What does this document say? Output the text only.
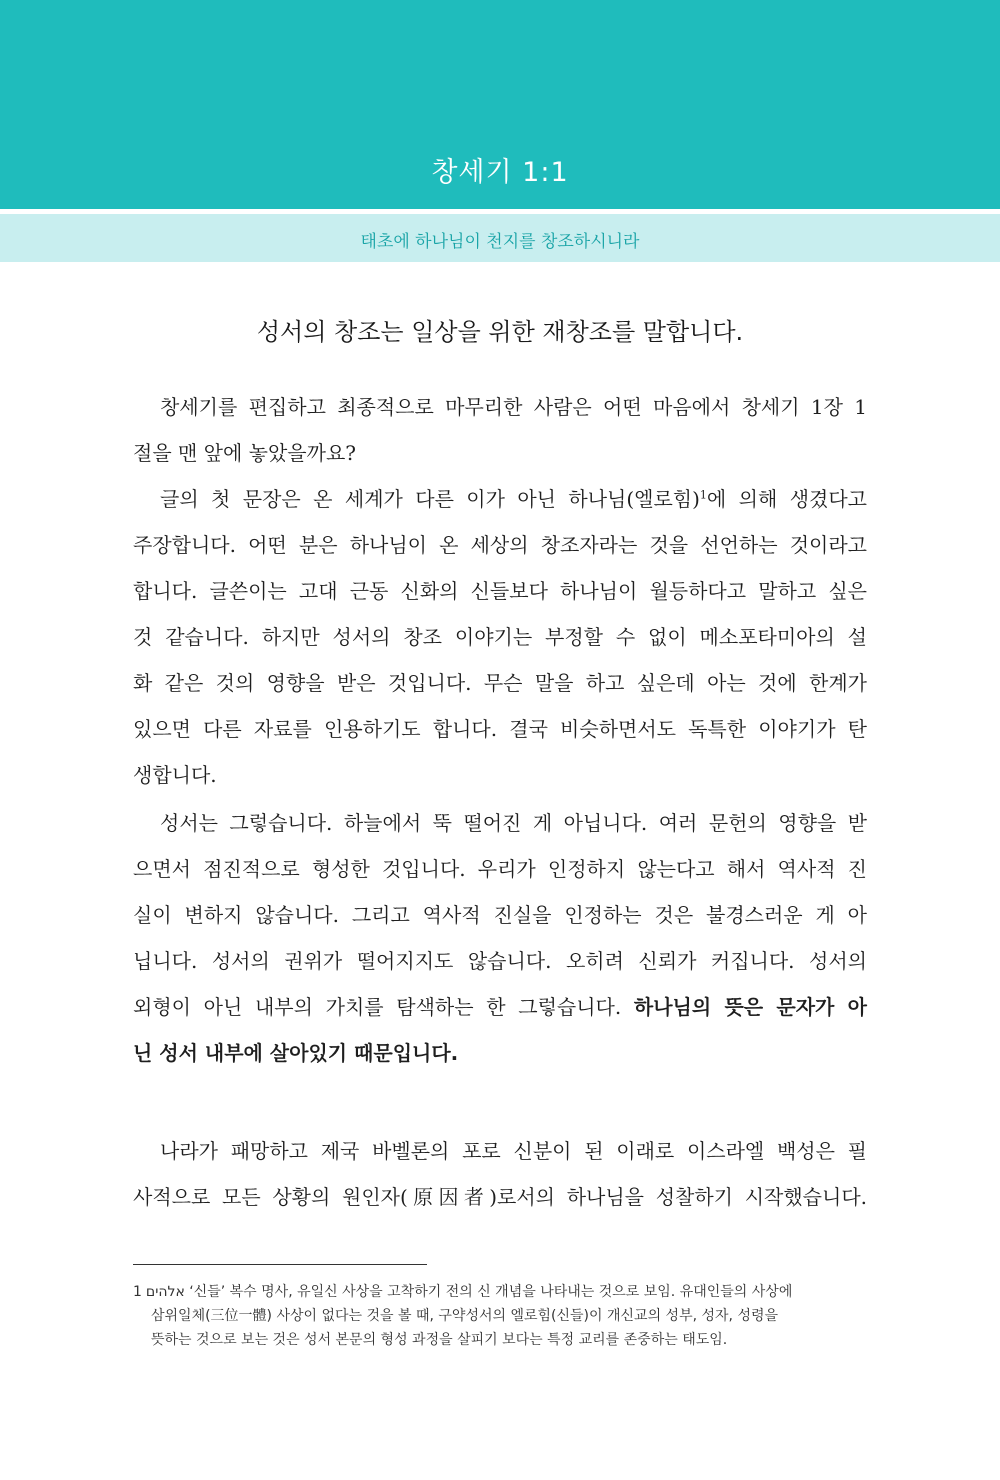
창세기 1:1
태초에 하나님이 천지를 창조하시니라
성서의 창조는 일상을 위한 재창조를 말합니다.
창세기를 편집하고 최종적으로 마무리한 사람은 어떤 마음에서 창세기 1장 1
절을 맨 앞에 놓았을까요?
글의 첫 문장은 온 세계가 다른 이가 아닌 하나님(엘로힘)$^1$에 의해 생겼다고
주장합니다. 어떤 분은 하나님이 온 세상의 창조자라는 것을 선언하는 것이라고
합니다. 글쓴이는 고대 근동 신화의 신들보다 하나님이 월등하다고 말하고 싶은
것 같습니다. 하지만 성서의 창조 이야기는 부정할 수 없이 메소포타미아의 설
화 같은 것의 영향을 받은 것입니다. 무슨 말을 하고 싶은데 아는 것에 한계가
있으면 다른 자료를 인용하기도 합니다. 결국 비슷하면서도 독특한 이야기가 탄
생합니다.
성서는 그렇습니다. 하늘에서 뚝 떨어진 게 아닙니다. 여러 문헌의 영향을 받
으면서 점진적으로 형성한 것입니다. 우리가 인정하지 않는다고 해서 역사적 진
실이 변하지 않습니다. 그리고 역사적 진실을 인정하는 것은 불경스러운 게 아
닙니다. 성서의 권위가 떨어지지도 않습니다. 오히려 신뢰가 커집니다. 성서의
외형이 아닌 내부의 가치를 탐색하는 한 그렇습니다. 하나님의 뜻은 문자가 아
닌 성서 내부에 살아있기 때문입니다.
나라가 패망하고 제국 바벨론의 포로 신분이 된 이래로 이스라엘 백성은 필
사적으로 모든 상황의 원인자(原因者)로서의 하나님을 성찰하기 시작했습니다.
1 אלהים ‘신들’ 복수 명사, 유일신 사상을 고착하기 전의 신 개념을 나타내는 것으로 보임. 유대인들의 사상에
삼위일체(三位一體) 사상이 없다는 것을 볼 때, 구약성서의 엘로힘(신들)이 개신교의 성부, 성자, 성령을
뜻하는 것으로 보는 것은 성서 본문의 형성 과정을 살피기 보다는 특정 교리를 존중하는 태도임.
